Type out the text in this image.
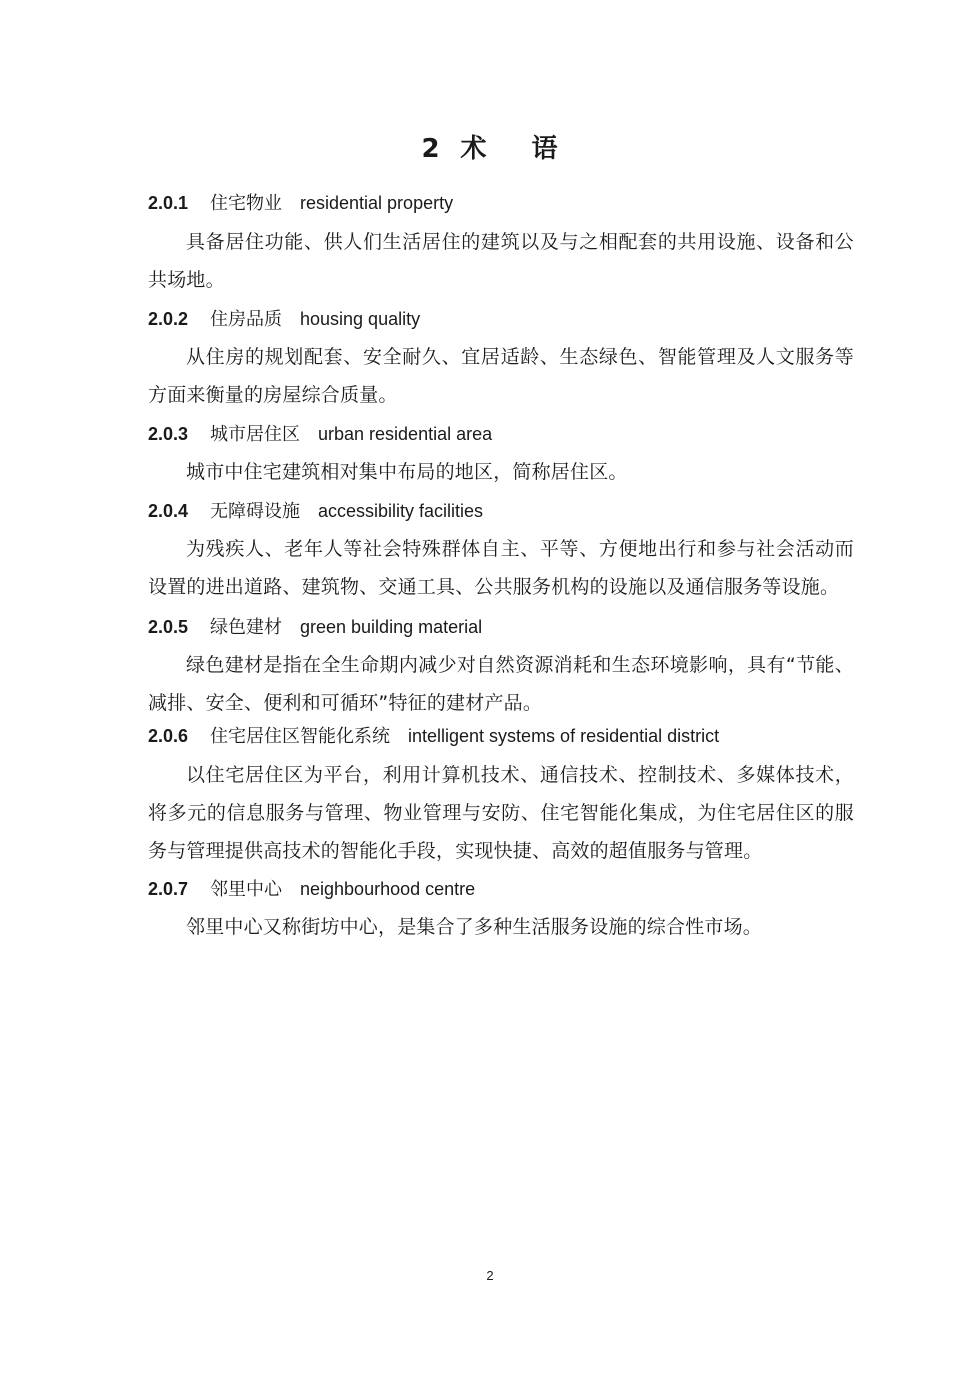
2 术 语
2.0.1 住宅物业 residential property
具备居住功能、供人们生活居住的建筑以及与之相配套的共用设施、设备和公共场地。
2.0.2 住房品质 housing quality
从住房的规划配套、安全耐久、宜居适龄、生态绿色、智能管理及人文服务等方面来衡量的房屋综合质量。
2.0.3 城市居住区 urban residential area
城市中住宅建筑相对集中布局的地区，简称居住区。
2.0.4 无障碍设施 accessibility facilities
为残疾人、老年人等社会特殊群体自主、平等、方便地出行和参与社会活动而设置的进出道路、建筑物、交通工具、公共服务机构的设施以及通信服务等设施。
2.0.5 绿色建材 green building material
绿色建材是指在全生命期内减少对自然资源消耗和生态环境影响，具有“节能、减排、安全、便利和可循环”特征的建材产品。
2.0.6 住宅居住区智能化系统 intelligent systems of residential district
以住宅居住区为平台，利用计算机技术、通信技术、控制技术、多媒体技术，将多元的信息服务与管理、物业管理与安防、住宅智能化集成，为住宅居住区的服务与管理提供高技术的智能化手段，实现快捷、高效的超值服务与管理。
2.0.7 邻里中心 neighbourhood centre
邻里中心又称街坊中心，是集合了多种生活服务设施的综合性市场。
2
